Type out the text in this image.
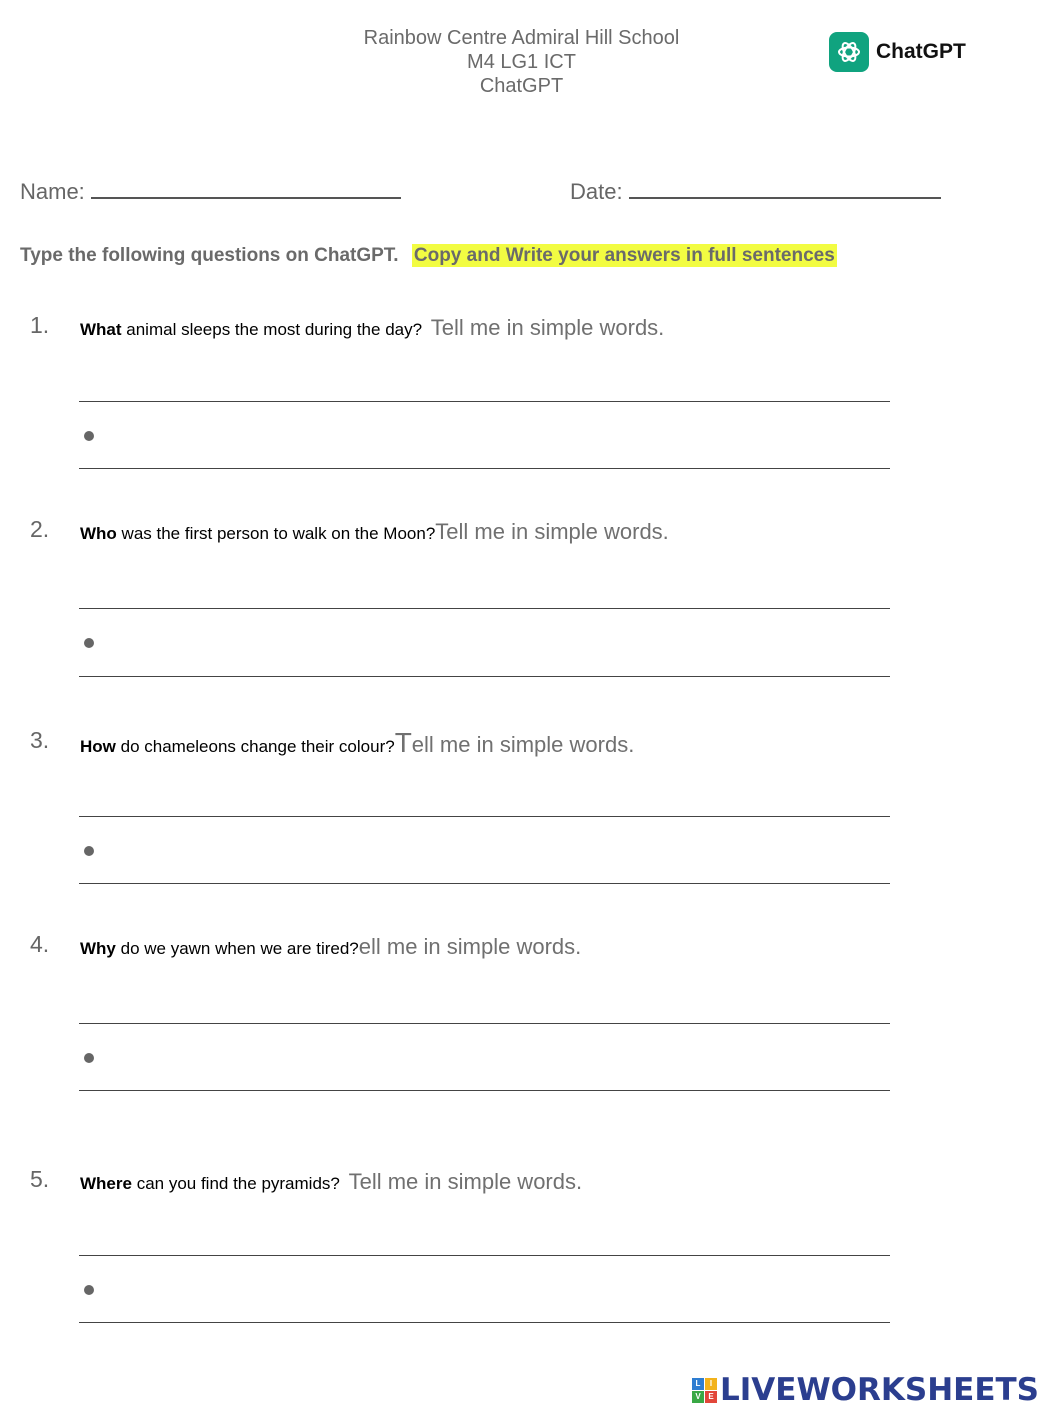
Rainbow Centre Admiral Hill School
M4 LG1 ICT
ChatGPT
ChatGPT
Name:	Date:
Type the following questions on ChatGPT. Copy and Write your answers in full sentences
1. What animal sleeps the most during the day? Tell me in simple words.
2. Who was the first person to walk on the Moon? Tell me in simple words.
3. How do chameleons change their colour? T ell me in simple words.
4. Why do we yawn when we are tired? ell me in simple words.
5. Where can you find the pyramids? Tell me in simple words.
L	I
V E LIVEWORKSHEETS
